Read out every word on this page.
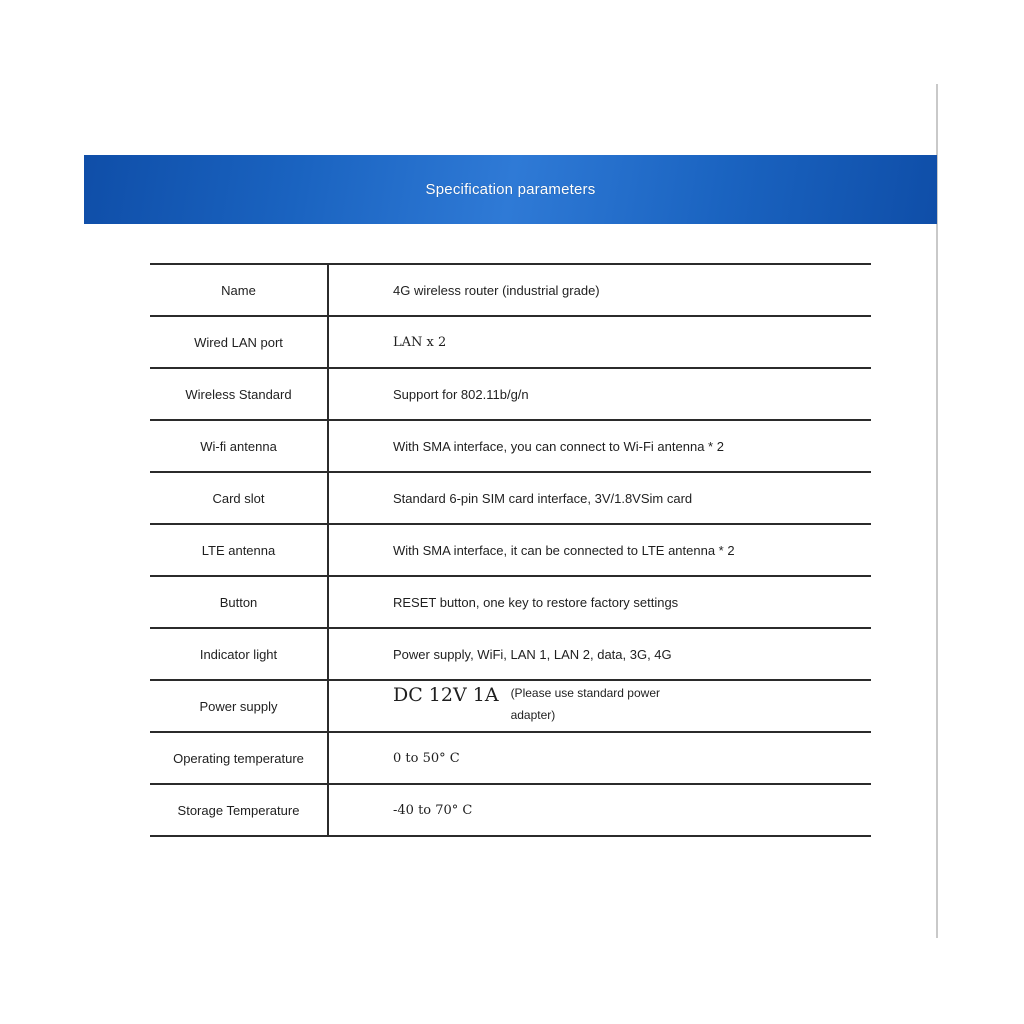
Specification parameters
Name	4G wireless router (industrial grade)
Wired LAN port	LAN x 2
Wireless Standard	Support for 802.11b/g/n
Wi-fi antenna	With SMA interface, you can connect to Wi-Fi antenna * 2
Card slot	Standard 6-pin SIM card interface, 3V/1.8VSim card
LTE antenna	With SMA interface, it can be connected to LTE antenna * 2
Button	RESET button, one key to restore factory settings
Indicator light	Power supply, WiFi, LAN 1, LAN 2, data, 3G, 4G
Power supply	DC 12V 1A (Please use standard power adapter)
Operating temperature	0 to 50° C
Storage Temperature	-40 to 70° C
